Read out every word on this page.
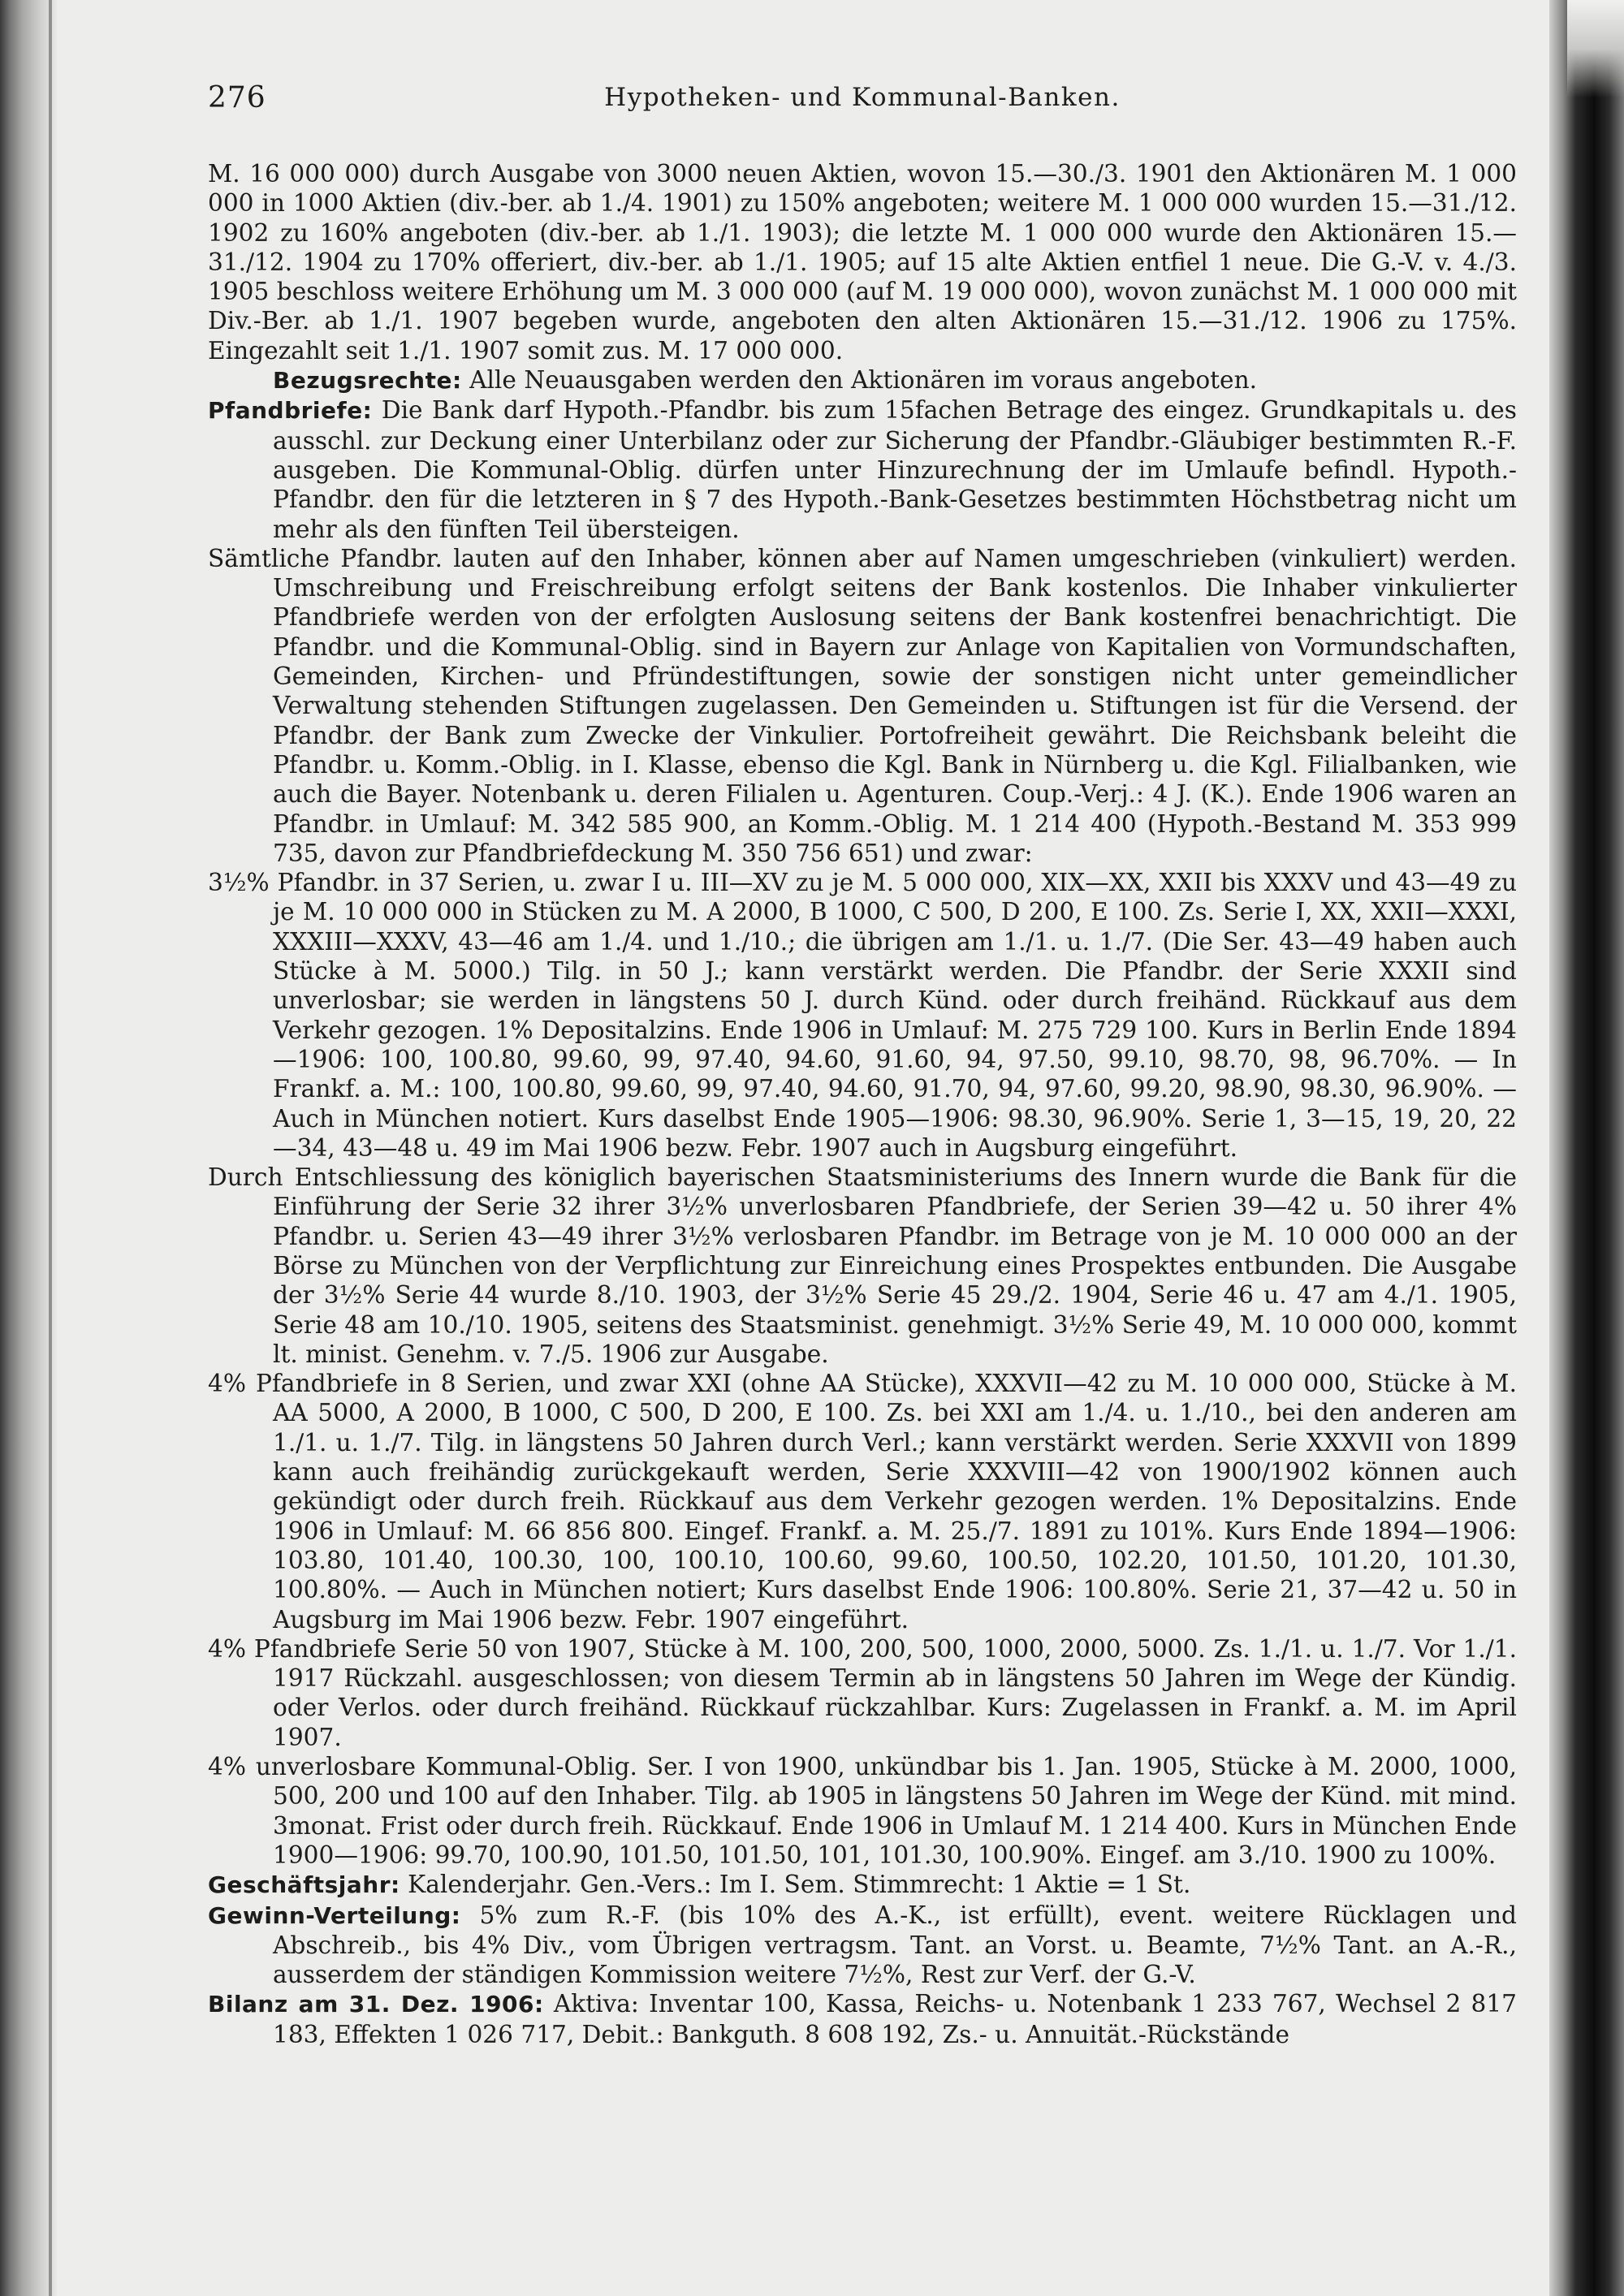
276	Hypotheken- und Kommunal-Banken.

M. 16 000 000) durch Ausgabe von 3000 neuen Aktien, wovon 15.—30./3. 1901 den Aktionären M. 1 000 000 in 1000 Aktien (div.-ber. ab 1./4. 1901) zu 150% angeboten; weitere M. 1 000 000 wurden 15.—31./12. 1902 zu 160% angeboten (div.-ber. ab 1./1. 1903); die letzte M. 1 000 000 wurde den Aktionären 15.—31./12. 1904 zu 170% offeriert, div.-ber. ab 1./1. 1905; auf 15 alte Aktien entfiel 1 neue. Die G.-V. v. 4./3. 1905 beschloss weitere Erhöhung um M. 3 000 000 (auf M. 19 000 000), wovon zunächst M. 1 000 000 mit Div.-Ber. ab 1./1. 1907 begeben wurde, angeboten den alten Aktionären 15.—31./12. 1906 zu 175%. Eingezahlt seit 1./1. 1907 somit zus. M. 17 000 000.

Bezugsrechte: Alle Neuausgaben werden den Aktionären im voraus angeboten.

Pfandbriefe: Die Bank darf Hypoth.-Pfandbr. bis zum 15fachen Betrage des eingez. Grundkapitals u. des ausschl. zur Deckung einer Unterbilanz oder zur Sicherung der Pfandbr.-Gläubiger bestimmten R.-F. ausgeben. Die Kommunal-Oblig. dürfen unter Hinzurechnung der im Umlaufe befindl. Hypoth.-Pfandbr. den für die letzteren in § 7 des Hypoth.-Bank-Gesetzes bestimmten Höchstbetrag nicht um mehr als den fünften Teil übersteigen.

Sämtliche Pfandbr. lauten auf den Inhaber, können aber auf Namen umgeschrieben (vinkuliert) werden. Umschreibung und Freischreibung erfolgt seitens der Bank kostenlos. Die Inhaber vinkulierter Pfandbriefe werden von der erfolgten Auslosung seitens der Bank kostenfrei benachrichtigt. Die Pfandbr. und die Kommunal-Oblig. sind in Bayern zur Anlage von Kapitalien von Vormundschaften, Gemeinden, Kirchen- und Pfründestiftungen, sowie der sonstigen nicht unter gemeindlicher Verwaltung stehenden Stiftungen zugelassen. Den Gemeinden u. Stiftungen ist für die Versend. der Pfandbr. der Bank zum Zwecke der Vinkulier. Portofreiheit gewährt. Die Reichsbank beleiht die Pfandbr. u. Komm.-Oblig. in I. Klasse, ebenso die Kgl. Bank in Nürnberg u. die Kgl. Filialbanken, wie auch die Bayer. Notenbank u. deren Filialen u. Agenturen. Coup.-Verj.: 4 J. (K.). Ende 1906 waren an Pfandbr. in Umlauf: M. 342 585 900, an Komm.-Oblig. M. 1 214 400 (Hypoth.-Bestand M. 353 999 735, davon zur Pfandbriefdeckung M. 350 756 651) und zwar:

3½% Pfandbr. in 37 Serien, u. zwar I u. III—XV zu je M. 5 000 000, XIX—XX, XXII bis XXXV und 43—49 zu je M. 10 000 000 in Stücken zu M. A 2000, B 1000, C 500, D 200, E 100. Zs. Serie I, XX, XXII—XXXI, XXXIII—XXXV, 43—46 am 1./4. und 1./10.; die übrigen am 1./1. u. 1./7. (Die Ser. 43—49 haben auch Stücke à M. 5000.) Tilg. in 50 J.; kann verstärkt werden. Die Pfandbr. der Serie XXXII sind unverlosbar; sie werden in längstens 50 J. durch Künd. oder durch freihänd. Rückkauf aus dem Verkehr gezogen. 1% Depositalzins. Ende 1906 in Umlauf: M. 275 729 100. Kurs in Berlin Ende 1894—1906: 100, 100.80, 99.60, 99, 97.40, 94.60, 91.60, 94, 97.50, 99.10, 98.70, 98, 96.70%. — In Frankf. a. M.: 100, 100.80, 99.60, 99, 97.40, 94.60, 91.70, 94, 97.60, 99.20, 98.90, 98.30, 96.90%. — Auch in München notiert. Kurs daselbst Ende 1905—1906: 98.30, 96.90%. Serie 1, 3—15, 19, 20, 22—34, 43—48 u. 49 im Mai 1906 bezw. Febr. 1907 auch in Augsburg eingeführt.

Durch Entschliessung des königlich bayerischen Staatsministeriums des Innern wurde die Bank für die Einführung der Serie 32 ihrer 3½% unverlosbaren Pfandbriefe, der Serien 39—42 u. 50 ihrer 4% Pfandbr. u. Serien 43—49 ihrer 3½% verlosbaren Pfandbr. im Betrage von je M. 10 000 000 an der Börse zu München von der Verpflichtung zur Einreichung eines Prospektes entbunden. Die Ausgabe der 3½% Serie 44 wurde 8./10. 1903, der 3½% Serie 45 29./2. 1904, Serie 46 u. 47 am 4./1. 1905, Serie 48 am 10./10. 1905, seitens des Staatsminist. genehmigt. 3½% Serie 49, M. 10 000 000, kommt lt. minist. Genehm. v. 7./5. 1906 zur Ausgabe.

4% Pfandbriefe in 8 Serien, und zwar XXI (ohne AA Stücke), XXXVII—42 zu M. 10 000 000, Stücke à M. AA 5000, A 2000, B 1000, C 500, D 200, E 100. Zs. bei XXI am 1./4. u. 1./10., bei den anderen am 1./1. u. 1./7. Tilg. in längstens 50 Jahren durch Verl.; kann verstärkt werden. Serie XXXVII von 1899 kann auch freihändig zurückgekauft werden, Serie XXXVIII—42 von 1900/1902 können auch gekündigt oder durch freih. Rückkauf aus dem Verkehr gezogen werden. 1% Depositalzins. Ende 1906 in Umlauf: M. 66 856 800. Eingef. Frankf. a. M. 25./7. 1891 zu 101%. Kurs Ende 1894—1906: 103.80, 101.40, 100.30, 100, 100.10, 100.60, 99.60, 100.50, 102.20, 101.50, 101.20, 101.30, 100.80%. — Auch in München notiert; Kurs daselbst Ende 1906: 100.80%. Serie 21, 37—42 u. 50 in Augsburg im Mai 1906 bezw. Febr. 1907 eingeführt.

4% Pfandbriefe Serie 50 von 1907, Stücke à M. 100, 200, 500, 1000, 2000, 5000. Zs. 1./1. u. 1./7. Vor 1./1. 1917 Rückzahl. ausgeschlossen; von diesem Termin ab in längstens 50 Jahren im Wege der Kündig. oder Verlos. oder durch freihänd. Rückkauf rückzahlbar. Kurs: Zugelassen in Frankf. a. M. im April 1907.

4% unverlosbare Kommunal-Oblig. Ser. I von 1900, unkündbar bis 1. Jan. 1905, Stücke à M. 2000, 1000, 500, 200 und 100 auf den Inhaber. Tilg. ab 1905 in längstens 50 Jahren im Wege der Künd. mit mind. 3monat. Frist oder durch freih. Rückkauf. Ende 1906 in Umlauf M. 1 214 400. Kurs in München Ende 1900—1906: 99.70, 100.90, 101.50, 101.50, 101, 101.30, 100.90%. Eingef. am 3./10. 1900 zu 100%.

Geschäftsjahr: Kalenderjahr. Gen.-Vers.: Im I. Sem. Stimmrecht: 1 Aktie = 1 St.

Gewinn-Verteilung: 5% zum R.-F. (bis 10% des A.-K., ist erfüllt), event. weitere Rücklagen und Abschreib., bis 4% Div., vom Übrigen vertragsm. Tant. an Vorst. u. Beamte, 7½% Tant. an A.-R., ausserdem der ständigen Kommission weitere 7½%, Rest zur Verf. der G.-V.

Bilanz am 31. Dez. 1906: Aktiva: Inventar 100, Kassa, Reichs- u. Notenbank 1 233 767, Wechsel 2 817 183, Effekten 1 026 717, Debit.: Bankguth. 8 608 192, Zs.- u. Annuität.-Rückstände
